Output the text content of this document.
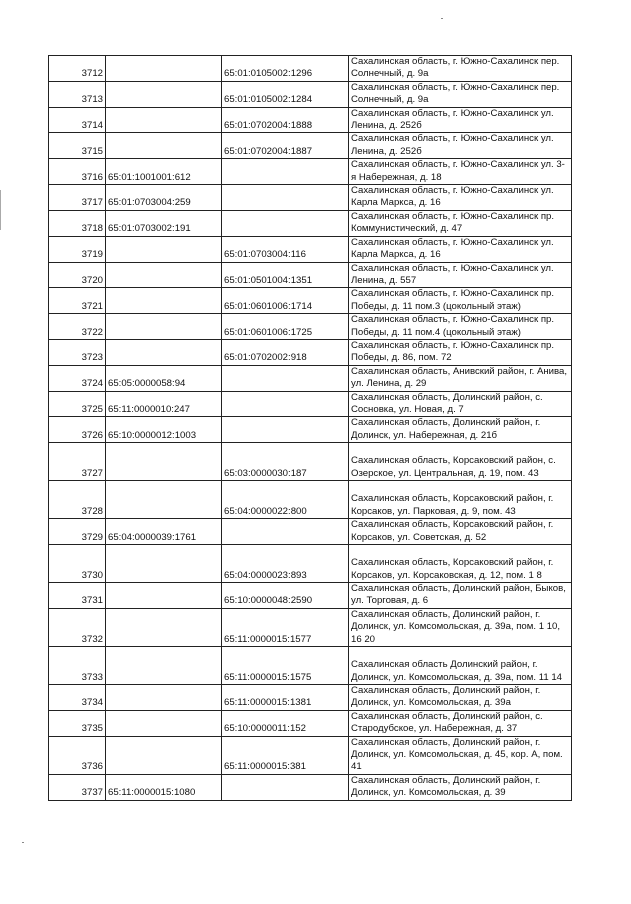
3712		65:01:0105002:1296	Сахалинская область, г. Южно-Сахалинск пер. Солнечный, д. 9а
3713		65:01:0105002:1284	Сахалинская область, г. Южно-Сахалинск пер. Солнечный, д. 9а
3714		65:01:0702004:1888	Сахалинская область, г. Южно-Сахалинск ул. Ленина, д. 252б
3715		65:01:0702004:1887	Сахалинская область, г. Южно-Сахалинск ул. Ленина, д. 252б
3716	65:01:1001001:612		Сахалинская область, г. Южно-Сахалинск ул. 3-я Набережная, д. 18
3717	65:01:0703004:259		Сахалинская область, г. Южно-Сахалинск ул. Карла Маркса, д. 16
3718	65:01:0703002:191		Сахалинская область, г. Южно-Сахалинск пр. Коммунистический, д. 47
3719		65:01:0703004:116	Сахалинская область, г. Южно-Сахалинск ул. Карла Маркса, д. 16
3720		65:01:0501004:1351	Сахалинская область, г. Южно-Сахалинск ул. Ленина, д. 557
3721		65:01:0601006:1714	Сахалинская область, г. Южно-Сахалинск пр. Победы, д. 11 пом.3 (цокольный этаж)
3722		65:01:0601006:1725	Сахалинская область, г. Южно-Сахалинск пр. Победы, д. 11 пом.4 (цокольный этаж)
3723		65:01:0702002:918	Сахалинская область, г. Южно-Сахалинск пр. Победы, д. 86, пом. 72
3724	65:05:0000058:94		Сахалинская область, Анивский район, г. Анива, ул. Ленина, д. 29
3725	65:11:0000010:247		Сахалинская область, Долинский район, с. Сосновка, ул. Новая, д. 7
3726	65:10:0000012:1003		Сахалинская область, Долинский район, г. Долинск, ул. Набережная, д. 21б
3727		65:03:0000030:187	Сахалинская область, Корсаковский район, с. Озерское, ул. Центральная, д. 19, пом. 43
3728		65:04:0000022:800	Сахалинская область, Корсаковский район, г. Корсаков, ул. Парковая, д. 9, пом. 43
3729	65:04:0000039:1761		Сахалинская область, Корсаковский район, г. Корсаков, ул. Советская, д. 52
3730		65:04:0000023:893	Сахалинская область, Корсаковский район, г. Корсаков, ул. Корсаковская, д. 12, пом. 1 8
3731		65:10:0000048:2590	Сахалинская область, Долинский район, Быков, ул. Торговая, д. 6
3732		65:11:0000015:1577	Сахалинская область, Долинский район, г. Долинск, ул. Комсомольская, д. 39а, пом. 1 10, 16 20
3733		65:11:0000015:1575	Сахалинская область Долинский район, г. Долинск, ул. Комсомольская, д. 39а, пом. 11 14
3734		65:11:0000015:1381	Сахалинская область, Долинский район, г. Долинск, ул. Комсомольская, д. 39а
3735		65:10:0000011:152	Сахалинская область, Долинский район, с. Стародубское, ул. Набережная, д. 37
3736		65:11:0000015:381	Сахалинская область, Долинский район, г. Долинск, ул. Комсомольская, д. 45, кор. А, пом. 41
3737	65:11:0000015:1080		Сахалинская область, Долинский район, г. Долинск, ул. Комсомольская, д. 39
